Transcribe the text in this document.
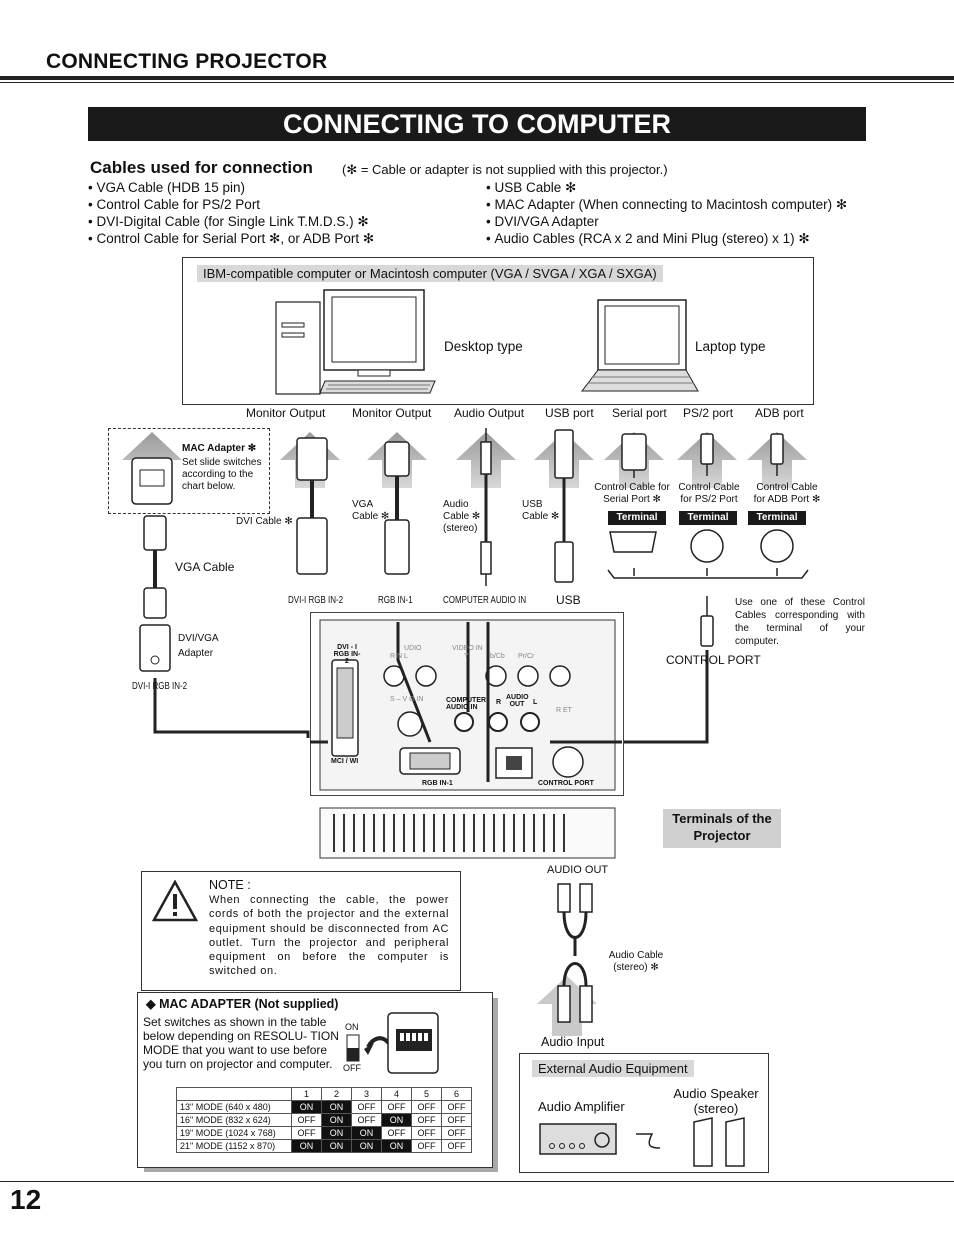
CONNECTING PROJECTOR
CONNECTING TO COMPUTER
Cables used for connection (✻ = Cable or adapter is not supplied with this projector.)
• VGA Cable (HDB 15 pin)
• Control Cable for PS/2 Port
• DVI-Digital Cable (for Single Link T.M.D.S.) ✻
• Control Cable for Serial Port ✻, or ADB Port ✻
• USB Cable ✻
• MAC Adapter (When connecting to Macintosh computer) ✻
• DVI/VGA Adapter
• Audio Cables (RCA x 2 and Mini Plug (stereo) x 1) ✻
IBM-compatible computer or Macintosh computer (VGA / SVGA / XGA / SXGA)
Desktop type	Laptop type
Monitor Output Monitor Output Audio Output USB port Serial port PS/2 port ADB port
MAC Adapter ✻
Set slide switches according to the chart below.
DVI Cable ✻
VGA Cable ✻
Audio Cable ✻ (stereo)
USB Cable ✻
Control Cable for Serial Port ✻
Control Cable for PS/2 Port
Control Cable for ADB Port ✻
Terminal	Terminal	Terminal
VGA Cable
DVI/VGA Adapter
DVI-I RGB IN-2
DVI-I RGB IN-2	RGB IN-1	COMPUTER AUDIO IN USB	Use one of these Control Cables corresponding with the terminal of your computer.
CONTROL PORT
DVI - I RGB IN-2
MCI / WI
RGB IN-1	CONTROL PORT
COMPUTER AUDIO IN
AUDIO OUT
R	L
VIDEO IN
Y	b/Cb Pr/Cr
S – V O IN
R ET
UDIO
R N L
Terminals of the Projector
AUDIO OUT
Audio Cable (stereo) ✻
Audio Input
NOTE :
When connecting the cable, the power cords of both the projector and the external equipment should be disconnected from AC outlet. Turn the projector and peripheral equipment on before the computer is switched on.
◆ MAC ADAPTER (Not supplied)
Set switches as shown in the table below depending on RESOLU- TION MODE that you want to use before you turn on projector and computer.
ON
OFF
	1	2	3	4	5	6
13" MODE (640 x 480)	ON	ON	OFF	OFF	OFF	OFF
16" MODE (832 x 624)	OFF	ON	OFF	ON	OFF	OFF
19" MODE (1024 x 768)	OFF	ON	ON	OFF	OFF	OFF
21" MODE (1152 x 870)	ON	ON	ON	ON	OFF	OFF
External Audio Equipment
Audio Amplifier
Audio Speaker (stereo)
12
